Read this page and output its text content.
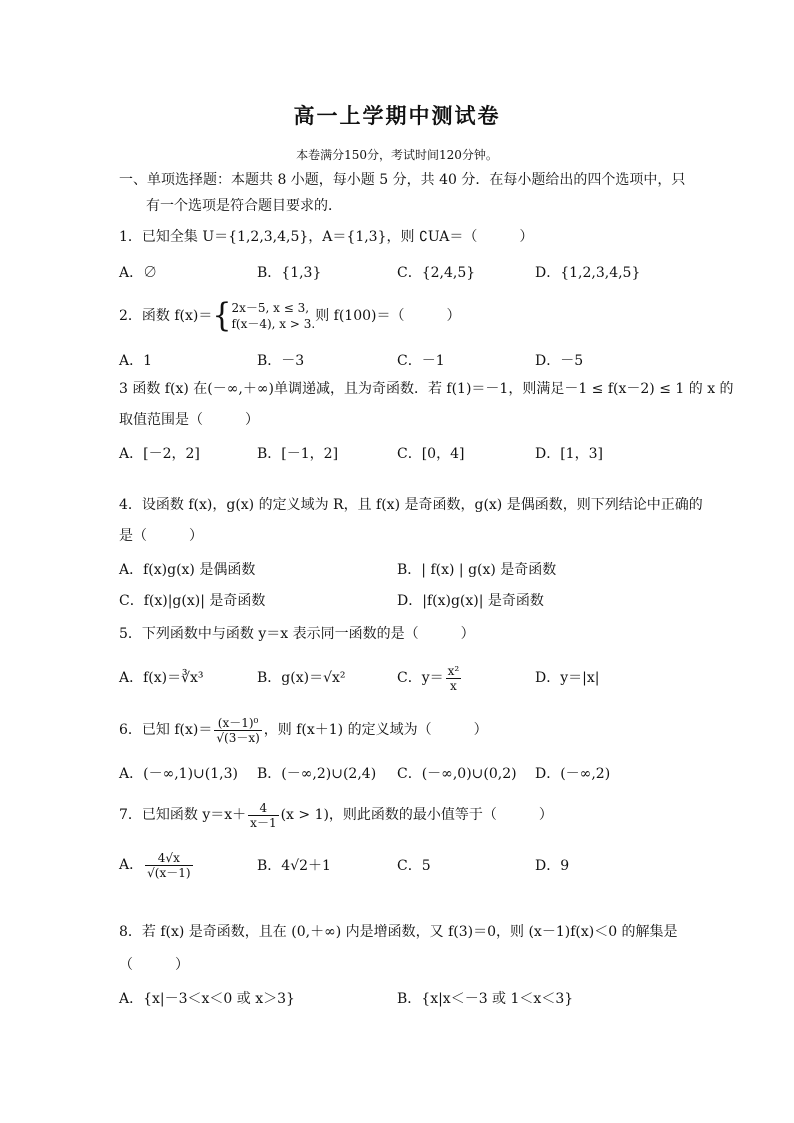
高一上学期中测试卷
本卷满分150分，考试时间120分钟。
一、单项选择题：本题共 8 小题，每小题 5 分，共 40 分．在每小题给出的四个选项中，只
有一个选项是符合题目要求的．
1．已知全集 U＝{1,2,3,4,5}，A＝{1,3}，则 ∁UA＝（　　　）
A．∅	B．{1,3}	C．{2,4,5}	D．{1,2,3,4,5}
2．函数 f(x)＝{ 2x－5, x ≤ 3,
f(x－4), x > 3. 则 f(100)＝（　　　）
A．1	B．－3	C．－1	D．－5
3 函数 f(x) 在(－∞,＋∞)单调递减，且为奇函数．若 f(1)＝－1，则满足－1 ≤ f(x－2) ≤ 1 的 x 的
取值范围是（　　　）
A．[－2，2]	B．[－1，2]	C．[0，4]	D．[1，3]
4．设函数 f(x)，g(x) 的定义域为 R，且 f(x) 是奇函数，g(x) 是偶函数，则下列结论中正确的
是（　　　）
A．f(x)g(x) 是偶函数	B．| f(x) | g(x) 是奇函数
C．f(x)|g(x)| 是奇函数	D．|f(x)g(x)| 是奇函数
5．下列函数中与函数 y＝x 表示同一函数的是（　　　）
A．f(x)＝∛x³	B．g(x)＝√x²	C．$y= \frac{\text{x²}}{x}$	D．y＝|x|
6．已知 $f(x)= \frac{\text{(x－1)⁰}}{√(3-x)}$ ，则 f(x＋1) 的定义域为（　　　）
A．(－∞,1)∪(1,3) B．(－∞,2)∪(2,4) C．(－∞,0)∪(0,2) D．(－∞,2)
7．已知函数 $y=x+ \frac{4}{x-1} (x > 1)$，则此函数的最小值等于（　　　）
A． $\frac{4√x}{√(x-1)}$	B．4√2＋1	C．5	D．9
8．若 f(x) 是奇函数，且在 (0,＋∞) 内是增函数，又 f(3)＝0，则 (x－1)f(x)＜0 的解集是
（　　　）
A．{x|－3＜x＜0 或 x＞3}	B．{x|x＜－3 或 1＜x＜3}
